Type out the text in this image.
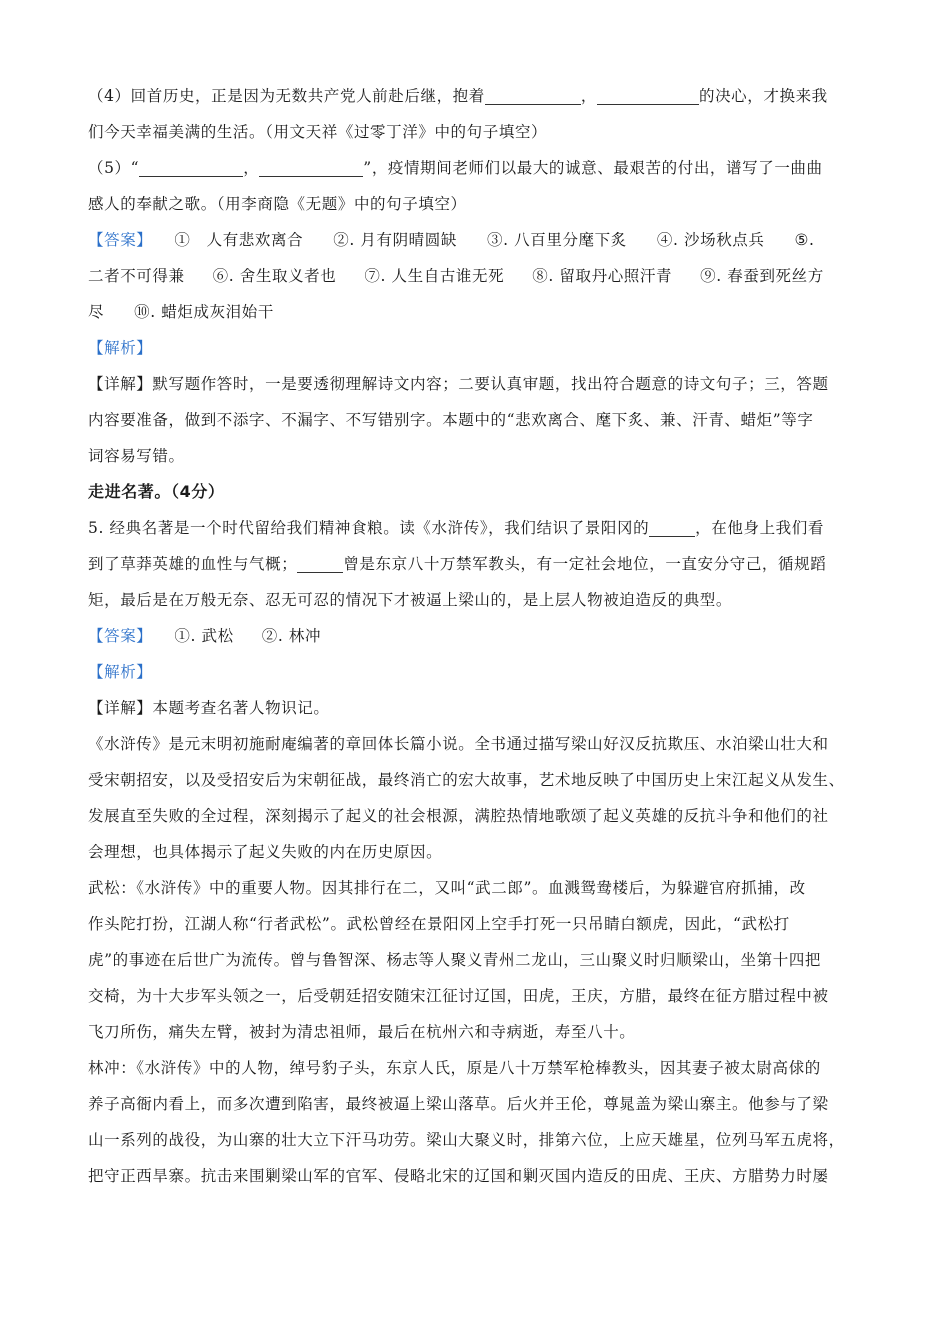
（4）回首历史，正是因为无数共产党人前赴后继，抱着	，	的决心，才换来我
们今天幸福美满的生活。（用文天祥《过零丁洋》中的句子填空）
（5）“	，	”，疫情期间老师们以最大的诚意、最艰苦的付出，谱写了一曲曲
感人的奉献之歌。（用李商隐《无题》中的句子填空）
【答案】 ①　人有悲欢离合 ②. 月有阴晴圆缺 ③. 八百里分麾下炙 ④. 沙场秋点兵 ⑤.
二者不可得兼 ⑥. 舍生取义者也 ⑦. 人生自古谁无死 ⑧. 留取丹心照汗青 ⑨. 春蚕到死丝方
尽 ⑩. 蜡炬成灰泪始干
【解析】
【详解】默写题作答时，一是要透彻理解诗文内容；二要认真审题，找出符合题意的诗文句子；三，答题
内容要准备，做到不添字、不漏字、不写错别字。本题中的“悲欢离合、麾下炙、兼、汗青、蜡炬”等字
词容易写错。
走进名著。（4分）
5. 经典名著是一个时代留给我们精神食粮。读《水浒传》，我们结识了景阳冈的	，在他身上我们看
到了草莽英雄的血性与气概；	曾是东京八十万禁军教头，有一定社会地位，一直安分守己，循规蹈
矩，最后是在万般无奈、忍无可忍的情况下才被逼上梁山的，是上层人物被迫造反的典型。
【答案】 ①. 武松 ②. 林冲
【解析】
【详解】本题考查名著人物识记。
《水浒传》是元末明初施耐庵编著的章回体长篇小说。全书通过描写梁山好汉反抗欺压、水泊梁山壮大和
受宋朝招安，以及受招安后为宋朝征战，最终消亡的宏大故事，艺术地反映了中国历史上宋江起义从发生、
发展直至失败的全过程，深刻揭示了起义的社会根源，满腔热情地歌颂了起义英雄的反抗斗争和他们的社
会理想，也具体揭示了起义失败的内在历史原因。
武松：《水浒传》中的重要人物。因其排行在二，又叫“武二郎”。血溅鸳鸯楼后，为躲避官府抓捕，改
作头陀打扮，江湖人称“行者武松”。武松曾经在景阳冈上空手打死一只吊睛白额虎，因此，“武松打
虎”的事迹在后世广为流传。曾与鲁智深、杨志等人聚义青州二龙山，三山聚义时归顺梁山，坐第十四把
交椅，为十大步军头领之一，后受朝廷招安随宋江征讨辽国，田虎，王庆，方腊，最终在征方腊过程中被
飞刀所伤，痛失左臂，被封为清忠祖师，最后在杭州六和寺病逝，寿至八十。
林冲：《水浒传》中的人物，绰号豹子头，东京人氏，原是八十万禁军枪棒教头，因其妻子被太尉高俅的
养子高衙内看上，而多次遭到陷害，最终被逼上梁山落草。后火并王伦，尊晁盖为梁山寨主。他参与了梁
山一系列的战役，为山寨的壮大立下汗马功劳。梁山大聚义时，排第六位，上应天雄星，位列马军五虎将，
把守正西旱寨。抗击来围剿梁山军的官军、侵略北宋的辽国和剿灭国内造反的田虎、王庆、方腊势力时屡
